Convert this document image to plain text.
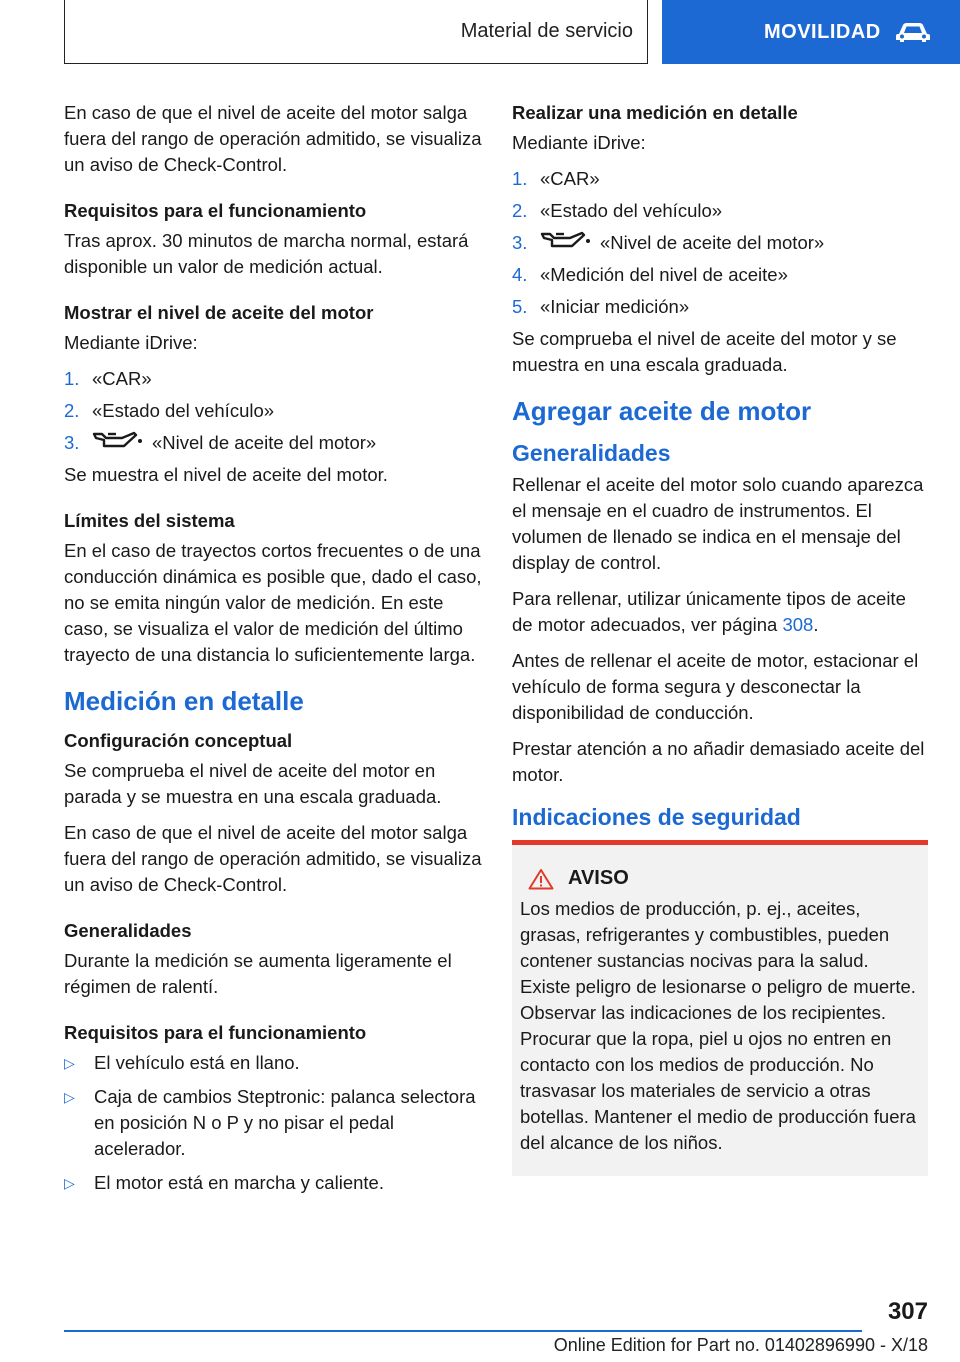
Material de servicio	MOVILIDAD

En caso de que el nivel de aceite del motor salga fuera del rango de operación admitido, se visualiza un aviso de Check-Control.

Requisitos para el funcionamiento

Tras aprox. 30 minutos de marcha normal, estará disponible un valor de medición actual.

Mostrar el nivel de aceite del motor

Mediante iDrive:

1. «CAR»
2. «Estado del vehículo»
3.	«Nivel de aceite del motor»

Se muestra el nivel de aceite del motor.

Límites del sistema

En el caso de trayectos cortos frecuentes o de una conducción dinámica es posible que, dado el caso, no se emita ningún valor de medición. En este caso, se visualiza el valor de medición del último trayecto de una distancia lo suficientemente larga.

Medición en detalle
Configuración conceptual

Se comprueba el nivel de aceite del motor en parada y se muestra en una escala graduada.

En caso de que el nivel de aceite del motor salga fuera del rango de operación admitido, se visualiza un aviso de Check-Control.

Generalidades

Durante la medición se aumenta ligeramente el régimen de ralentí.

Requisitos para el funcionamiento
▷	El vehículo está en llano.
▷	Caja de cambios Steptronic: palanca selectora en posición N o P y no pisar el pedal acelerador.
▷	El motor está en marcha y caliente.
Realizar una medición en detalle

Mediante iDrive:

1. «CAR»
2. «Estado del vehículo»
3.	«Nivel de aceite del motor»
4. «Medición del nivel de aceite»
5. «Iniciar medición»

Se comprueba el nivel de aceite del motor y se muestra en una escala graduada.

Agregar aceite de motor
Generalidades

Rellenar el aceite del motor solo cuando aparezca el mensaje en el cuadro de instrumentos. El volumen de llenado se indica en el mensaje del display de control.

Para rellenar, utilizar únicamente tipos de aceite de motor adecuados, ver página 308.

Antes de rellenar el aceite de motor, estacionar el vehículo de forma segura y desconectar la disponibilidad de conducción.

Prestar atención a no añadir demasiado aceite del motor.

Indicaciones de seguridad
AVISO

Los medios de producción, p. ej., aceites, grasas, refrigerantes y combustibles, pueden contener sustancias nocivas para la salud. Existe peligro de lesionarse o peligro de muerte. Observar las indicaciones de los recipientes. Procurar que la ropa, piel u ojos no entren en contacto con los medios de producción. No trasvasar los materiales de servicio a otras botellas. Mantener el medio de producción fuera del alcance de los niños.

307
Online Edition for Part no. 01402896990 - X/18
